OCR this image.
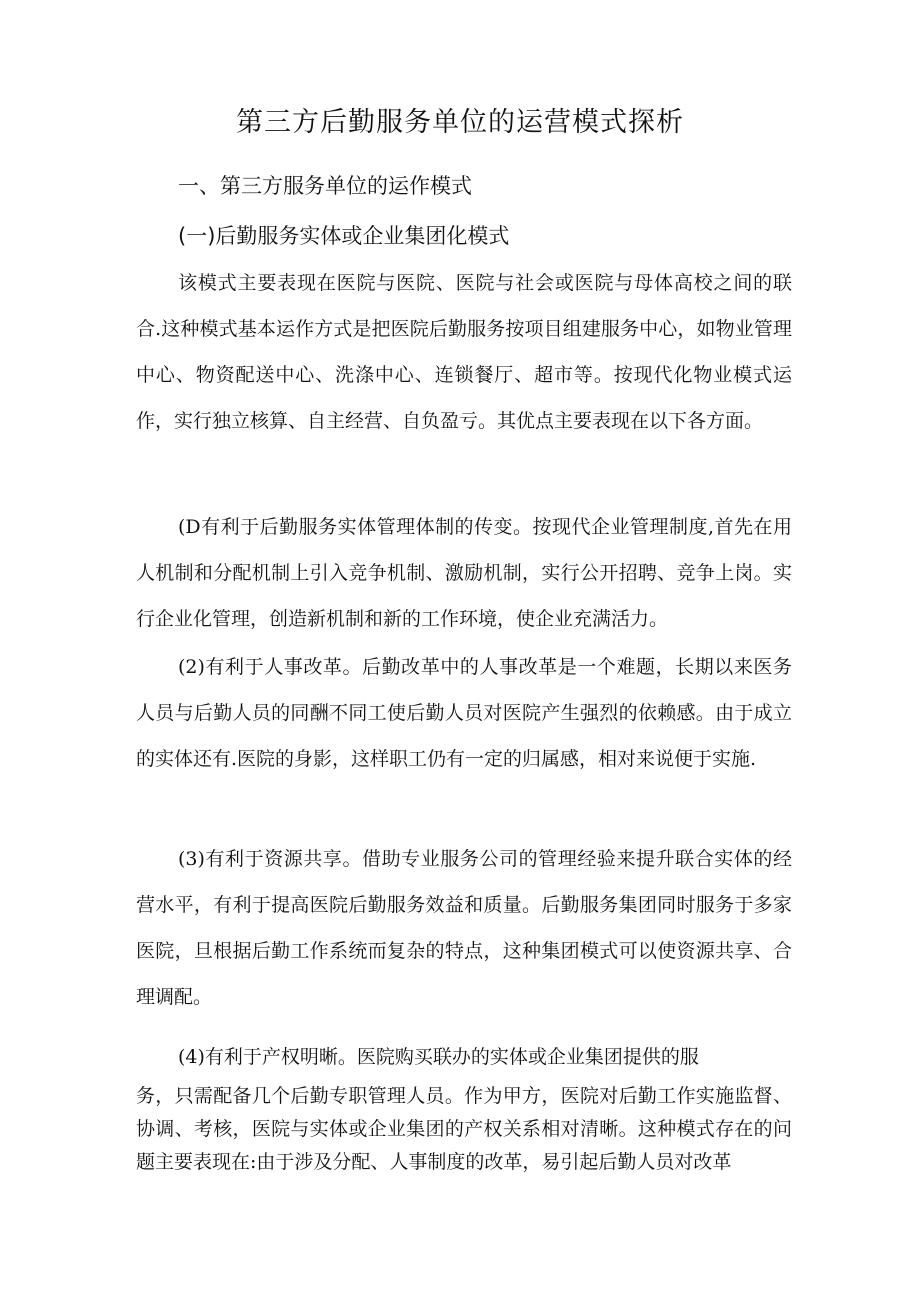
第三方后勤服务单位的运营模式探析
一、第三方服务单位的运作模式
(一)后勤服务实体或企业集团化模式

该模式主要表现在医院与医院、医院与社会或医院与母体高校之间的联合.这种模式基本运作方式是把医院后勤服务按项目组建服务中心，如物业管理中心、物资配送中心、洗涤中心、连锁餐厅、超市等。按现代化物业模式运作，实行独立核算、自主经营、自负盈亏。其优点主要表现在以下各方面。

(D有利于后勤服务实体管理体制的传变。按现代企业管理制度,首先在用人机制和分配机制上引入竞争机制、激励机制，实行公开招聘、竞争上岗。实行企业化管理，创造新机制和新的工作环境，使企业充满活力。

(2)有利于人事改革。后勤改革中的人事改革是一个难题，长期以来医务人员与后勤人员的同酬不同工使后勤人员对医院产生强烈的依赖感。由于成立的实体还有.医院的身影，这样职工仍有一定的归属感，相对来说便于实施.

(3)有利于资源共享。借助专业服务公司的管理经验来提升联合实体的经营水平，有利于提高医院后勤服务效益和质量。后勤服务集团同时服务于多家医院，旦根据后勤工作系统而复杂的特点，这种集团模式可以使资源共享、合理调配。

(4)有利于产权明晰。医院购买联办的实体或企业集团提供的服

务，只需配备几个后勤专职管理人员。作为甲方，医院对后勤工作实施监督、协调、考核，医院与实体或企业集团的产权关系相对清晰。这种模式存在的问题主要表现在:由于涉及分配、人事制度的改革，易引起后勤人员对改革
